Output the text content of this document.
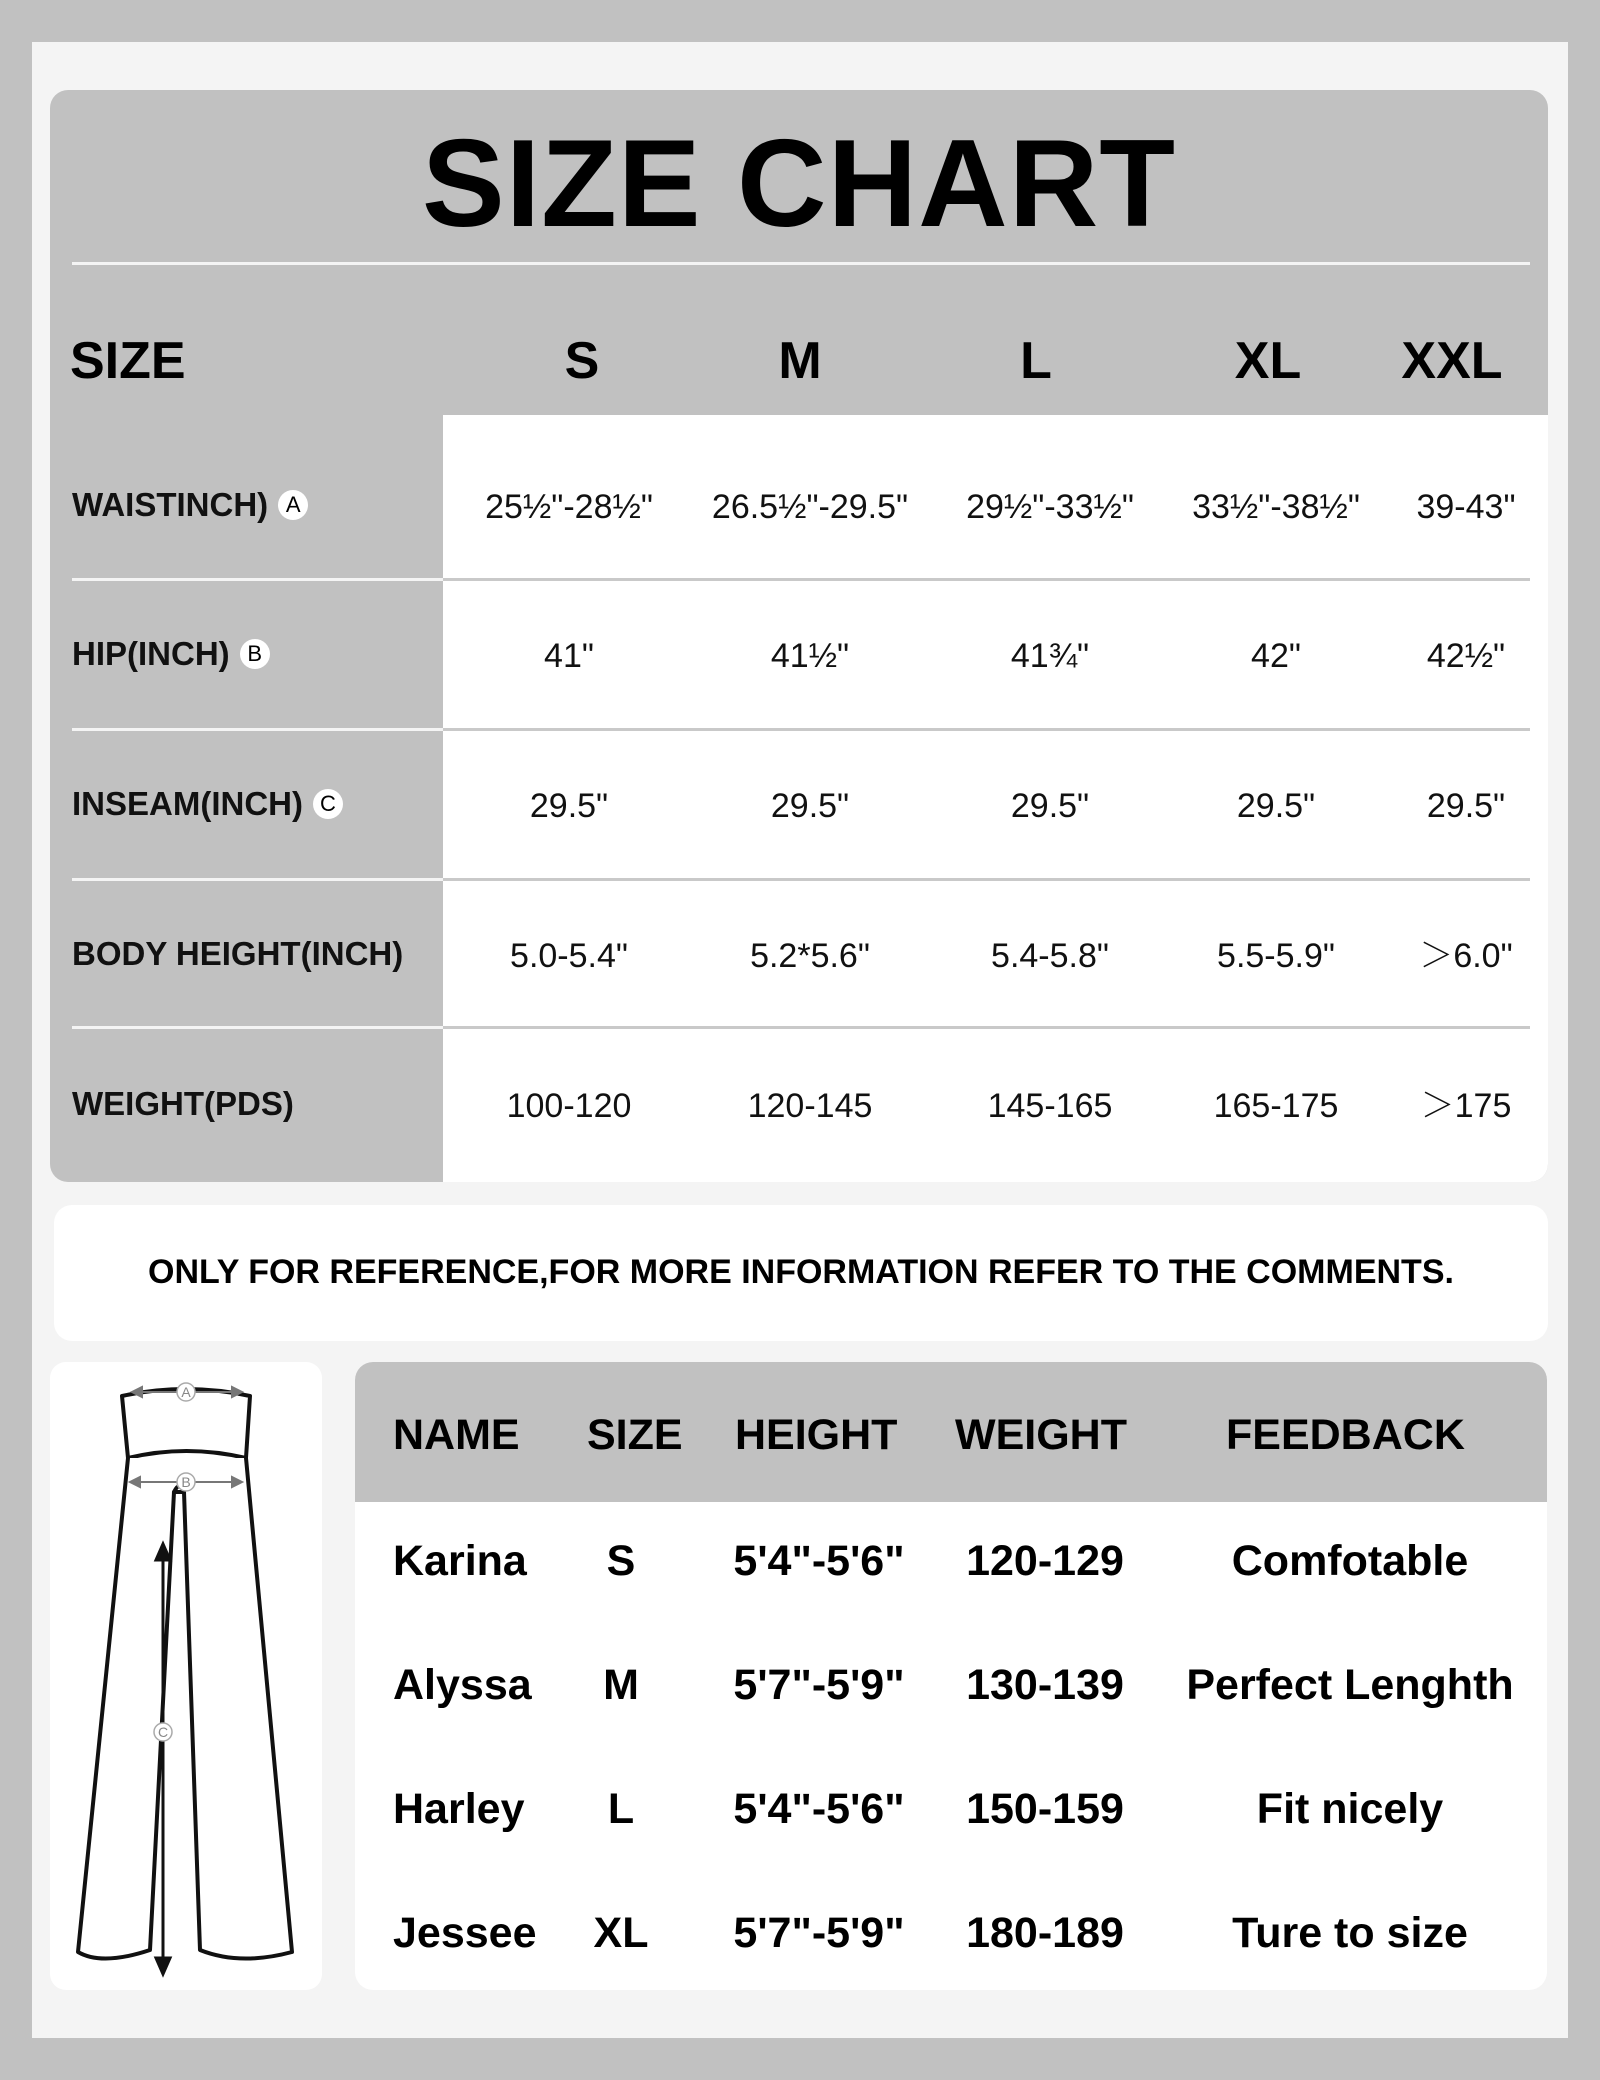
SIZE CHART
SIZE	S	M	L	XL XXL
WAISTINCH) A	25½"-28½" 26.5½"-29.5" 29½"-33½" 33½"-38½" 39-43"
HIP(INCH) B	41"	41½"	41¾"	42"	42½"
INSEAM(INCH) C	29.5"	29.5"	29.5"	29.5"	29.5"
BODY HEIGHT(INCH)	5.0-5.4"	5.2*5.6"	5.4-5.8"	5.5-5.9" ＞6.0"
WEIGHT(PDS)	100-120	120-145	145-165	165-175 ＞175
ONLY FOR REFERENCE,FOR MORE INFORMATION REFER TO THE COMMENTS.
A
B
C
NAME SIZE HEIGHT WEIGHT FEEDBACK
Karina S 5'4"-5'6" 120-129	Comfotable
Alyssa M 5'7"-5'9" 130-139 Perfect Lenghth
Harley L 5'4"-5'6" 150-159	Fit nicely
Jessee XL 5'7"-5'9" 180-189	Ture to size
